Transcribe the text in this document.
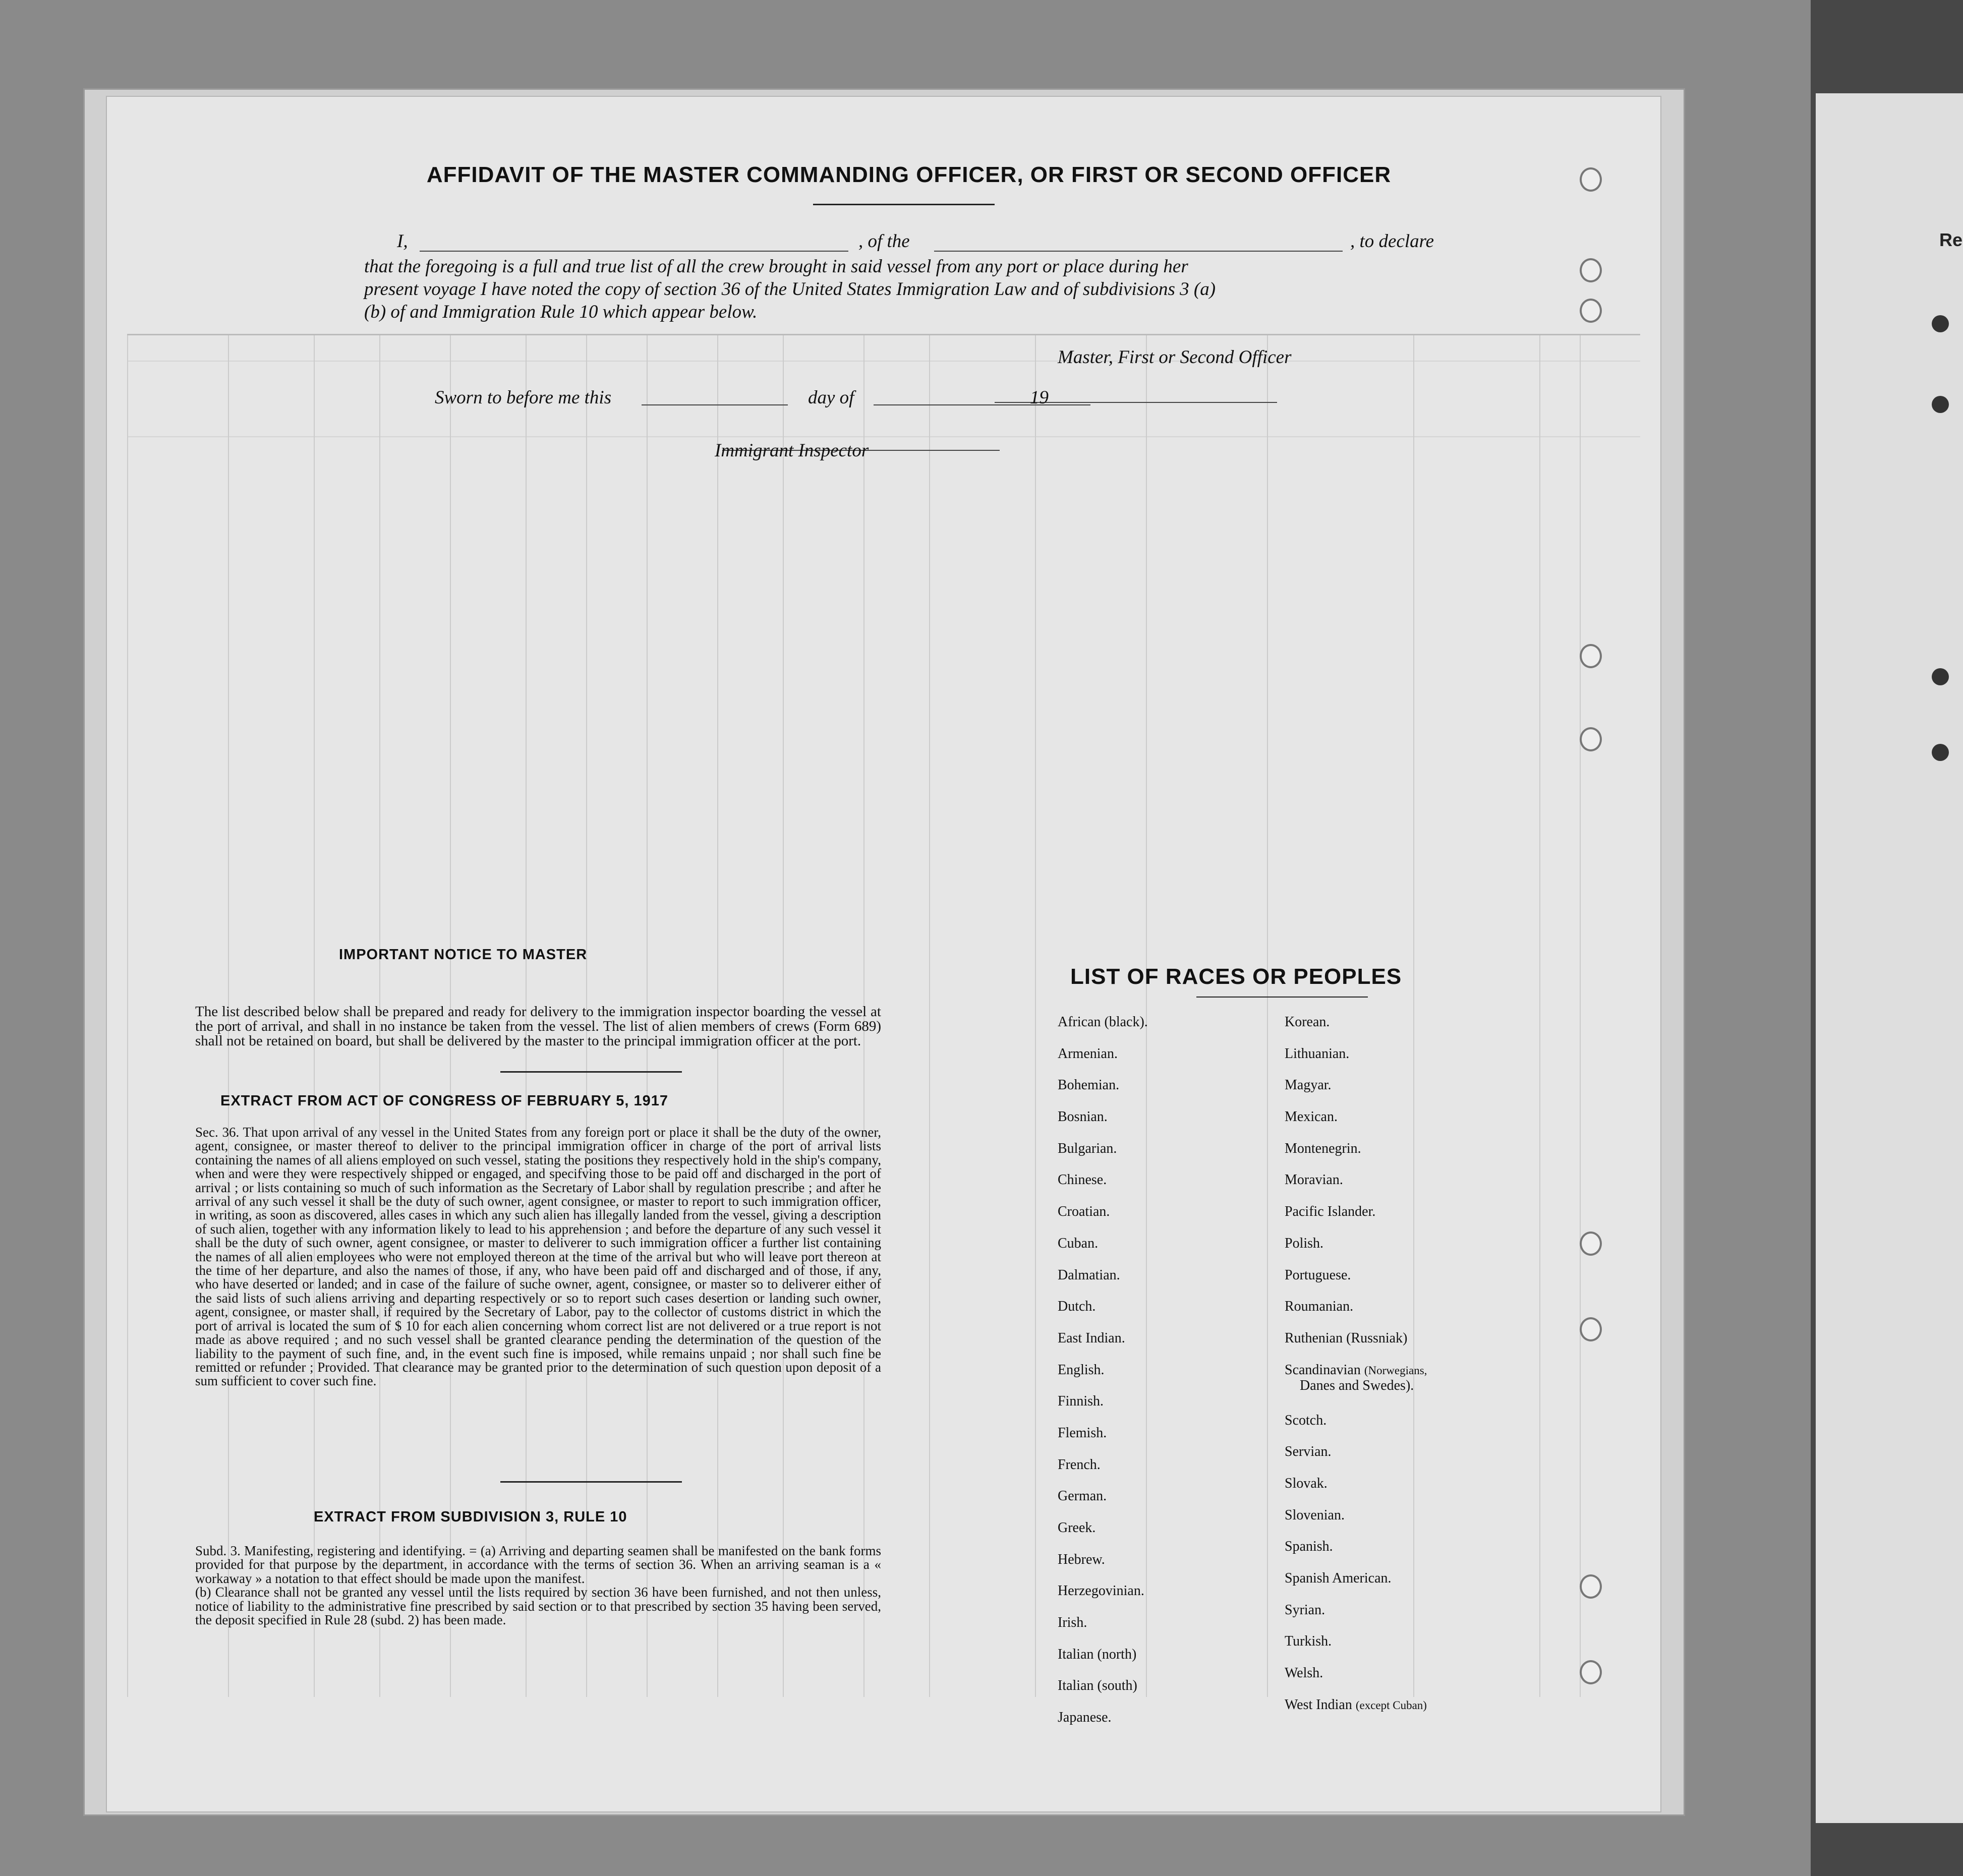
Re
AFFIDAVIT OF THE MASTER COMMANDING OFFICER, OR FIRST OR SECOND OFFICER
I,	, of the	, to declare
that the foregoing is a full and true list of all the crew brought in said vessel from any port or place during her
present voyage I have noted the copy of section 36 of the United States Immigration Law and of subdivisions 3 (a)
(b) of and Immigration Rule 10 which appear below.
Master, First or Second Officer
Sworn to before me this	day of	19
Immigrant Inspector
IMPORTANT NOTICE TO MASTER
The list described below shall be prepared and ready for delivery to the immigration inspector boarding the vessel at the port of arrival, and shall in no instance be taken from the vessel. The list of alien members of crews (Form 689) shall not be retained on board, but shall be delivered by the master to the principal immigration officer at the port.
EXTRACT FROM ACT OF CONGRESS OF FEBRUARY 5, 1917
Sec. 36. That upon arrival of any vessel in the United States from any foreign port or place it shall be the duty of the owner, agent, consignee, or master thereof to deliver to the principal immigration officer in charge of the port of arrival lists containing the names of all aliens employed on such vessel, stating the positions they respectively hold in the ship's company, when and were they were respectively shipped or engaged, and specifving those to be paid off and discharged in the port of arrival ; or lists containing so much of such information as the Secretary of Labor shall by regulation prescribe ; and after he arrival of any such vessel it shall be the duty of such owner, agent consignee, or master to report to such immigration officer, in writing, as soon as discovered, alles cases in which any such alien has illegally landed from the vessel, giving a description of such alien, together with any information likely to lead to his apprehension ; and before the departure of any such vessel it shall be the duty of such owner, agent consignee, or master to deliverer to such immigration officer a further list containing the names of all alien employees who were not employed thereon at the time of the arrival but who will leave port thereon at the time of her departure, and also the names of those, if any, who have been paid off and discharged and of those, if any, who have deserted or landed; and in case of the failure of suche owner, agent, consignee, or master so to deliverer either of the said lists of such aliens arriving and departing respectively or so to report such cases desertion or landing such owner, agent, consignee, or master shall, if required by the Secretary of Labor, pay to the collector of customs district in which the port of arrival is located the sum of $ 10 for each alien concerning whom correct list are not delivered or a true report is not made as above required ; and no such vessel shall be granted clearance pending the determination of the question of the liability to the payment of such fine, and, in the event such fine is imposed, while remains unpaid ; nor shall such fine be remitted or refunder ; Provided. That clearance may be granted prior to the determination of such question upon deposit of a sum sufficient to cover such fine.
EXTRACT FROM SUBDIVISION 3, RULE 10
Subd. 3. Manifesting, registering and identifying. = (a) Arriving and departing seamen shall be manifested on the bank forms provided for that purpose by the department, in accordance with the terms of section 36. When an arriving seaman is a « workaway » a notation to that effect should be made upon the manifest.
(b) Clearance shall not be granted any vessel until the lists required by section 36 have been furnished, and not then unless, notice of liability to the administrative fine prescribed by said section or to that prescribed by section 35 having been served, the deposit specified in Rule 28 (subd. 2) has been made.
LIST OF RACES OR PEOPLES
African (black).
Armenian.
Bohemian.
Bosnian.
Bulgarian.
Chinese.
Croatian.
Cuban.
Dalmatian.
Dutch.
East Indian.
English.
Finnish.
Flemish.
French.
German.
Greek.
Hebrew.
Herzegovinian.
Irish.
Italian (north)
Italian (south)
Japanese.
Korean.
Lithuanian.
Magyar.
Mexican.
Montenegrin.
Moravian.
Pacific Islander.
Polish.
Portuguese.
Roumanian.
Ruthenian (Russniak)
Scandinavian (Norwegians,
Danes and Swedes).
Scotch.
Servian.
Slovak.
Slovenian.
Spanish.
Spanish American.
Syrian.
Turkish.
Welsh.
West Indian (except Cuban)
